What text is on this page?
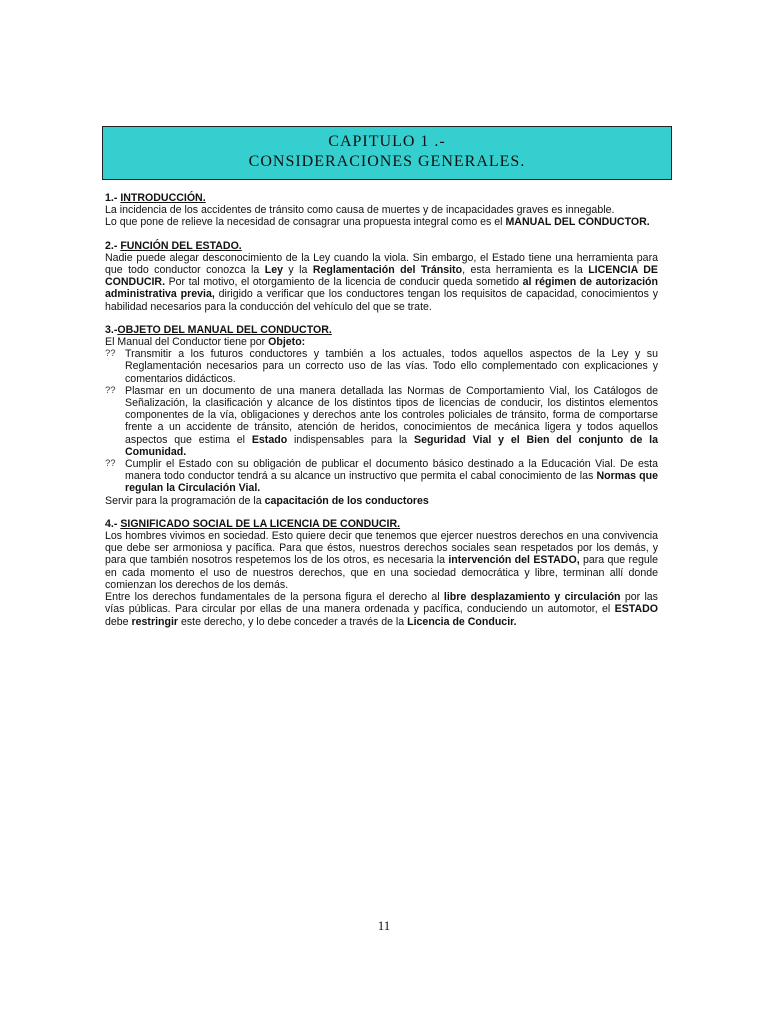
CAPITULO 1 .-
CONSIDERACIONES GENERALES.
1.- INTRODUCCIÓN.

La incidencia de los accidentes de tránsito como causa de muertes y de incapacidades graves es innegable.

Lo que pone de relieve la necesidad de consagrar una propuesta integral como es el MANUAL DEL CONDUCTOR.

2.- FUNCIÓN DEL ESTADO.

Nadie puede alegar desconocimiento de la Ley cuando la viola. Sin embargo, el Estado tiene una herramienta para que todo conductor conozca la Ley y la Reglamentación del Tránsito, esta herramienta es la LICENCIA DE CONDUCIR. Por tal motivo, el otorgamiento de la licencia de conducir queda sometido al régimen de autorización administrativa previa, dirigido a verificar que los conductores tengan los requisitos de capacidad, conocimientos y habilidad necesarios para la conducción del vehículo del que se trate.

3.-OBJETO DEL MANUAL DEL CONDUCTOR.

El Manual del Conductor tiene por Objeto:

?? Transmitir a los futuros conductores y también a los actuales, todos aquellos aspectos de la Ley y su Reglamentación necesarios para un correcto uso de las vías. Todo ello complementado con explicaciones y comentarios didácticos.
?? Plasmar en un documento de una manera detallada las Normas de Comportamiento Vial, los Catálogos de Señalización, la clasificación y alcance de los distintos tipos de licencias de conducir, los distintos elementos componentes de la vía, obligaciones y derechos ante los controles policiales de tránsito, forma de comportarse frente a un accidente de tránsito, atención de heridos, conocimientos de mecánica ligera y todos aquellos aspectos que estima el Estado indispensables para la Seguridad Vial y el Bien del conjunto de la Comunidad.
?? Cumplir el Estado con su obligación de publicar el documento básico destinado a la Educación Vial. De esta manera todo conductor tendrá a su alcance un instructivo que permita el cabal conocimiento de las Normas que regulan la Circulación Vial.

Servir para la programación de la capacitación de los conductores

4.- SIGNIFICADO SOCIAL DE LA LICENCIA DE CONDUCIR.

Los hombres vivimos en sociedad. Esto quiere decir que tenemos que ejercer nuestros derechos en una convivencia que debe ser armoniosa y pacífica. Para que éstos, nuestros derechos sociales sean respetados por los demás, y para que también nosotros respetemos los de los otros, es necesaria la intervención del ESTADO, para que regule en cada momento el uso de nuestros derechos, que en una sociedad democrática y libre, terminan allí donde comienzan los derechos de los demás.

Entre los derechos fundamentales de la persona figura el derecho al libre desplazamiento y circulación por las vías públicas. Para circular por ellas de una manera ordenada y pacífica, conduciendo un automotor, el ESTADO debe restringir este derecho, y lo debe conceder a través de la Licencia de Conducir.

11
